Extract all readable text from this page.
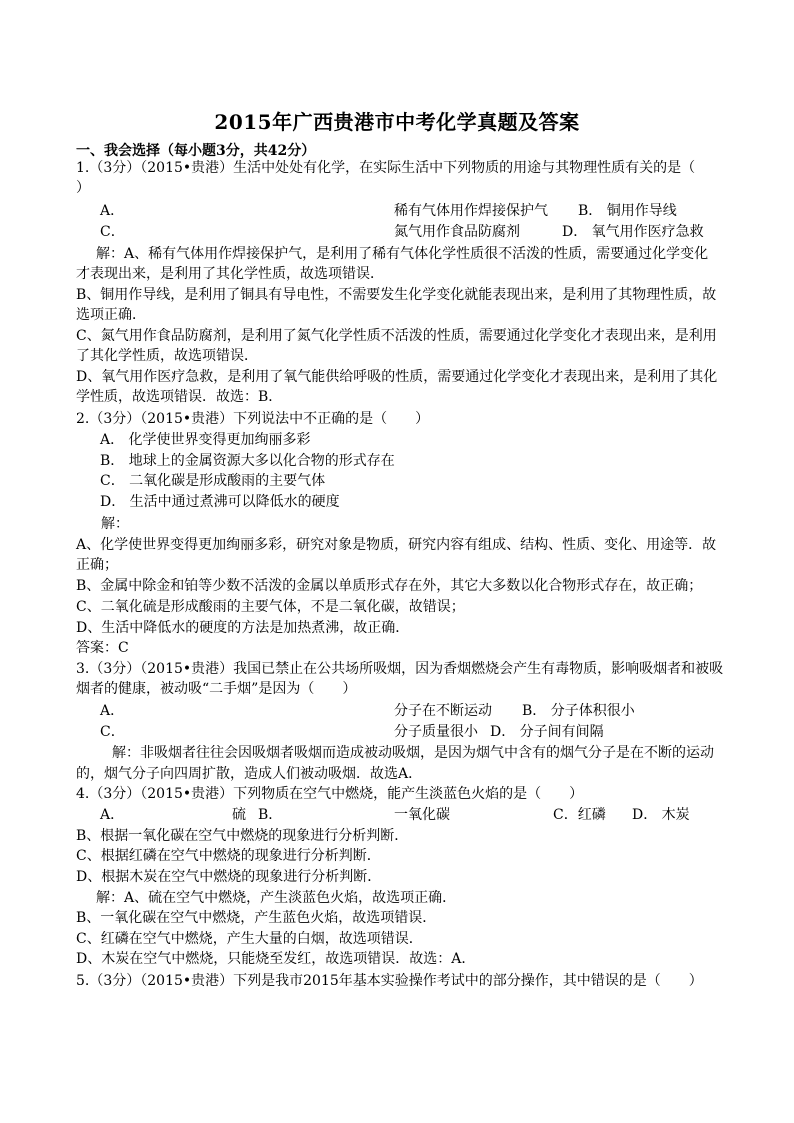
2015年广西贵港市中考化学真题及答案
一、我会选择（每小题3分，共42分）
1.（3分）（2015•贵港）生活中处处有化学，在实际生活中下列物质的用途与其物理性质有关的是（
）
A．	稀有气体用作焊接保护气 B． 铜用作导线
C．	氮气用作食品防腐剂	D． 氧气用作医疗急救
解：A、稀有气体用作焊接保护气，是利用了稀有气体化学性质很不活泼的性质，需要通过化学变化
才表现出来，是利用了其化学性质，故选项错误．
B、铜用作导线，是利用了铜具有导电性，不需要发生化学变化就能表现出来，是利用了其物理性质，故
选项正确．
C、氮气用作食品防腐剂，是利用了氮气化学性质不活泼的性质，需要通过化学变化才表现出来，是利用
了其化学性质，故选项错误．
D、氧气用作医疗急救，是利用了氧气能供给呼吸的性质，需要通过化学变化才表现出来，是利用了其化
学性质，故选项错误．故选：B．
2.（3分）（2015•贵港）下列说法中不正确的是（　　）
A． 化学使世界变得更加绚丽多彩
B． 地球上的金属资源大多以化合物的形式存在
C． 二氧化碳是形成酸雨的主要气体
D． 生活中通过煮沸可以降低水的硬度
解：
A、化学使世界变得更加绚丽多彩，研究对象是物质，研究内容有组成、结构、性质、变化、用途等．故
正确；
B、金属中除金和铂等少数不活泼的金属以单质形式存在外，其它大多数以化合物形式存在，故正确；
C、二氧化硫是形成酸雨的主要气体，不是二氧化碳，故错误；
D、生活中降低水的硬度的方法是加热煮沸，故正确．
答案：C
3.（3分）（2015•贵港）我国已禁止在公共场所吸烟，因为香烟燃烧会产生有毒物质，影响吸烟者和被吸
烟者的健康，被动吸“二手烟”是因为（　　）
A．	分子在不断运动 B． 分子体积很小
C．	分子质量很小 D． 分子间有间隔
解：非吸烟者往往会因吸烟者吸烟而造成被动吸烟，是因为烟气中含有的烟气分子是在不断的运动
的，烟气分子向四周扩散，造成人们被动吸烟．故选A．
4.（3分）（2015•贵港）下列物质在空气中燃烧，能产生淡蓝色火焰的是（　　）
A．	硫 B．	一氧化碳	C．红磷 D． 木炭
B、根据一氧化碳在空气中燃烧的现象进行分析判断．
C、根据红磷在空气中燃烧的现象进行分析判断．
D、根据木炭在空气中燃烧的现象进行分析判断．
解：A、硫在空气中燃烧，产生淡蓝色火焰，故选项正确．
B、一氧化碳在空气中燃烧，产生蓝色火焰，故选项错误．
C、红磷在空气中燃烧，产生大量的白烟，故选项错误．
D、木炭在空气中燃烧，只能烧至发红，故选项错误．故选：A．
5.（3分）（2015•贵港）下列是我市2015年基本实验操作考试中的部分操作，其中错误的是（　　）
